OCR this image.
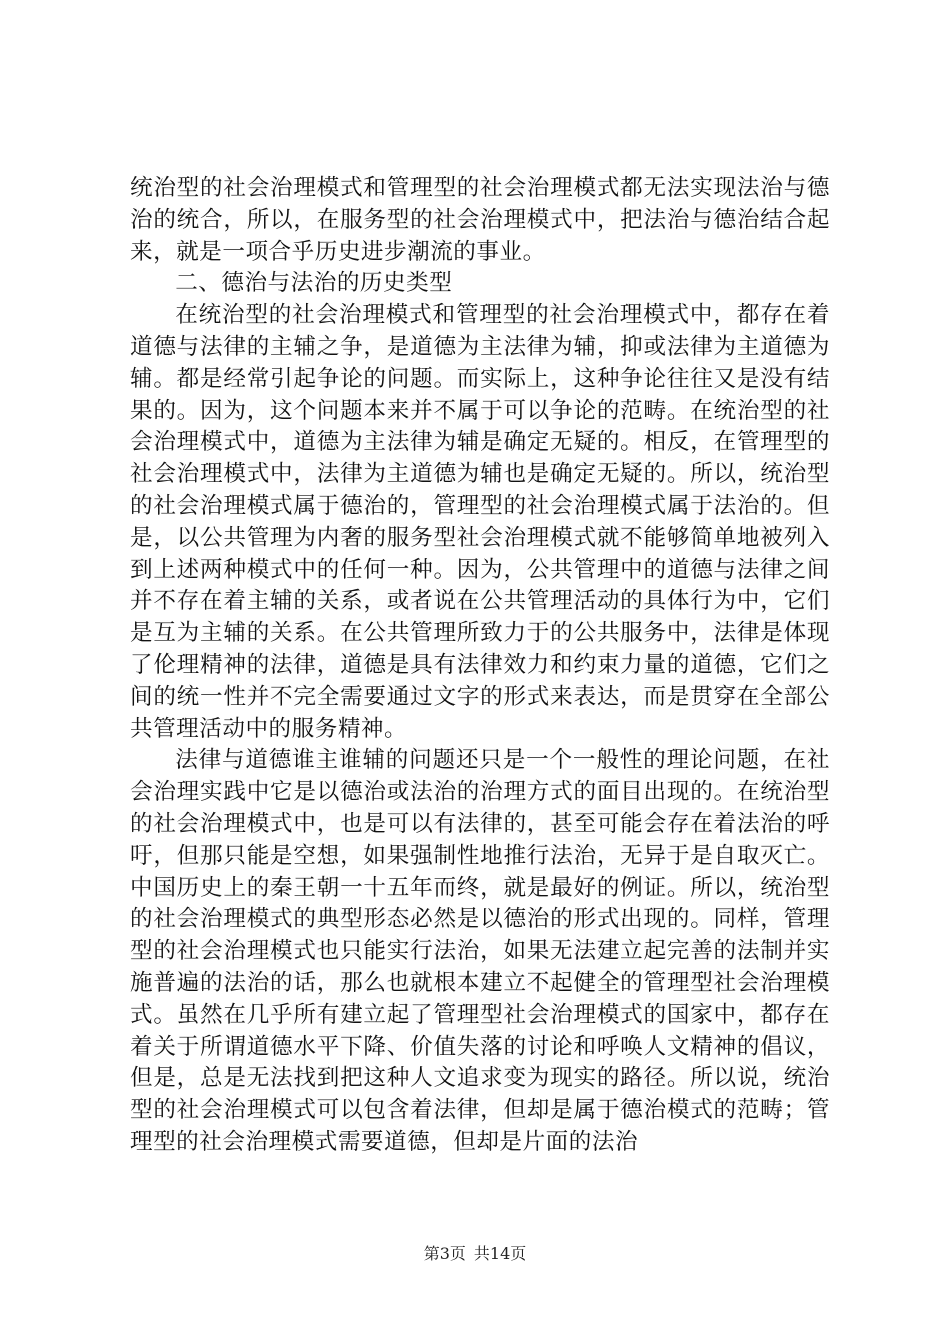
统治型的社会治理模式和管理型的社会治理模式都无法实现法治与德治的统合，所以，在服务型的社会治理模式中，把法治与德治结合起来，就是一项合乎历史进步潮流的事业。

二、德治与法治的历史类型

在统治型的社会治理模式和管理型的社会治理模式中，都存在着道德与法律的主辅之争，是道德为主法律为辅，抑或法律为主道德为辅。都是经常引起争论的问题。而实际上，这种争论往往又是没有结果的。因为，这个问题本来并不属于可以争论的范畴。在统治型的社会治理模式中，道德为主法律为辅是确定无疑的。相反，在管理型的社会治理模式中，法律为主道德为辅也是确定无疑的。所以，统治型的社会治理模式属于德治的，管理型的社会治理模式属于法治的。但是，以公共管理为内奢的服务型社会治理模式就不能够简单地被列入到上述两种模式中的任何一种。因为，公共管理中的道德与法律之间并不存在着主辅的关系，或者说在公共管理活动的具体行为中，它们是互为主辅的关系。在公共管理所致力于的公共服务中，法律是体现了伦理精神的法律，道德是具有法律效力和约束力量的道德，它们之间的统一性并不完全需要通过文字的形式来表达，而是贯穿在全部公共管理活动中的服务精神。

法律与道德谁主谁辅的问题还只是一个一般性的理论问题，在社会治理实践中它是以德治或法治的治理方式的面目出现的。在统治型的社会治理模式中，也是可以有法律的，甚至可能会存在着法治的呼吁，但那只能是空想，如果强制性地推行法治，无异于是自取灭亡。中国历史上的秦王朝一十五年而终，就是最好的例证。所以，统治型的社会治理模式的典型形态必然是以德治的形式出现的。同样，管理型的社会治理模式也只能实行法治，如果无法建立起完善的法制并实施普遍的法治的话，那么也就根本建立不起健全的管理型社会治理模式。虽然在几乎所有建立起了管理型社会治理模式的国家中，都存在着关于所谓道德水平下降、价值失落的讨论和呼唤人文精神的倡议，但是，总是无法找到把这种人文追求变为现实的路径。所以说，统治型的社会治理模式可以包含着法律，但却是属于德治模式的范畴；管理型的社会治理模式需要道德，但却是片面的法治

第3页 共14页
